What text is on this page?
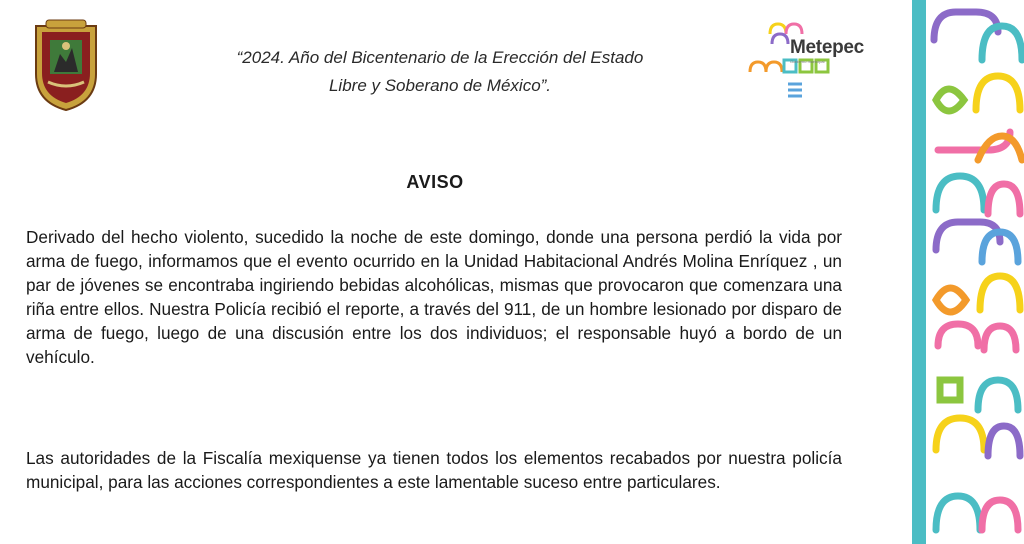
“2024. Año del Bicentenario de la Erección del Estado
Libre y Soberano de México”.
Metepec
Gobierno municipal
AVISO
Derivado del hecho violento, sucedido la noche de este domingo, donde una persona perdió la vida por arma de fuego, informamos que el evento ocurrido en la Unidad Habitacional Andrés Molina Enríquez , un par de jóvenes se encontraba ingiriendo bebidas alcohólicas, mismas que provocaron que comenzara una riña entre ellos. Nuestra Policía recibió el reporte, a través del 911, de un hombre lesionado por disparo de arma de fuego, luego de una discusión entre los dos individuos; el responsable huyó a bordo de un vehículo.
Las autoridades de la Fiscalía mexiquense ya tienen todos los elementos recabados por nuestra policía municipal, para las acciones correspondientes a este lamentable suceso entre particulares.
